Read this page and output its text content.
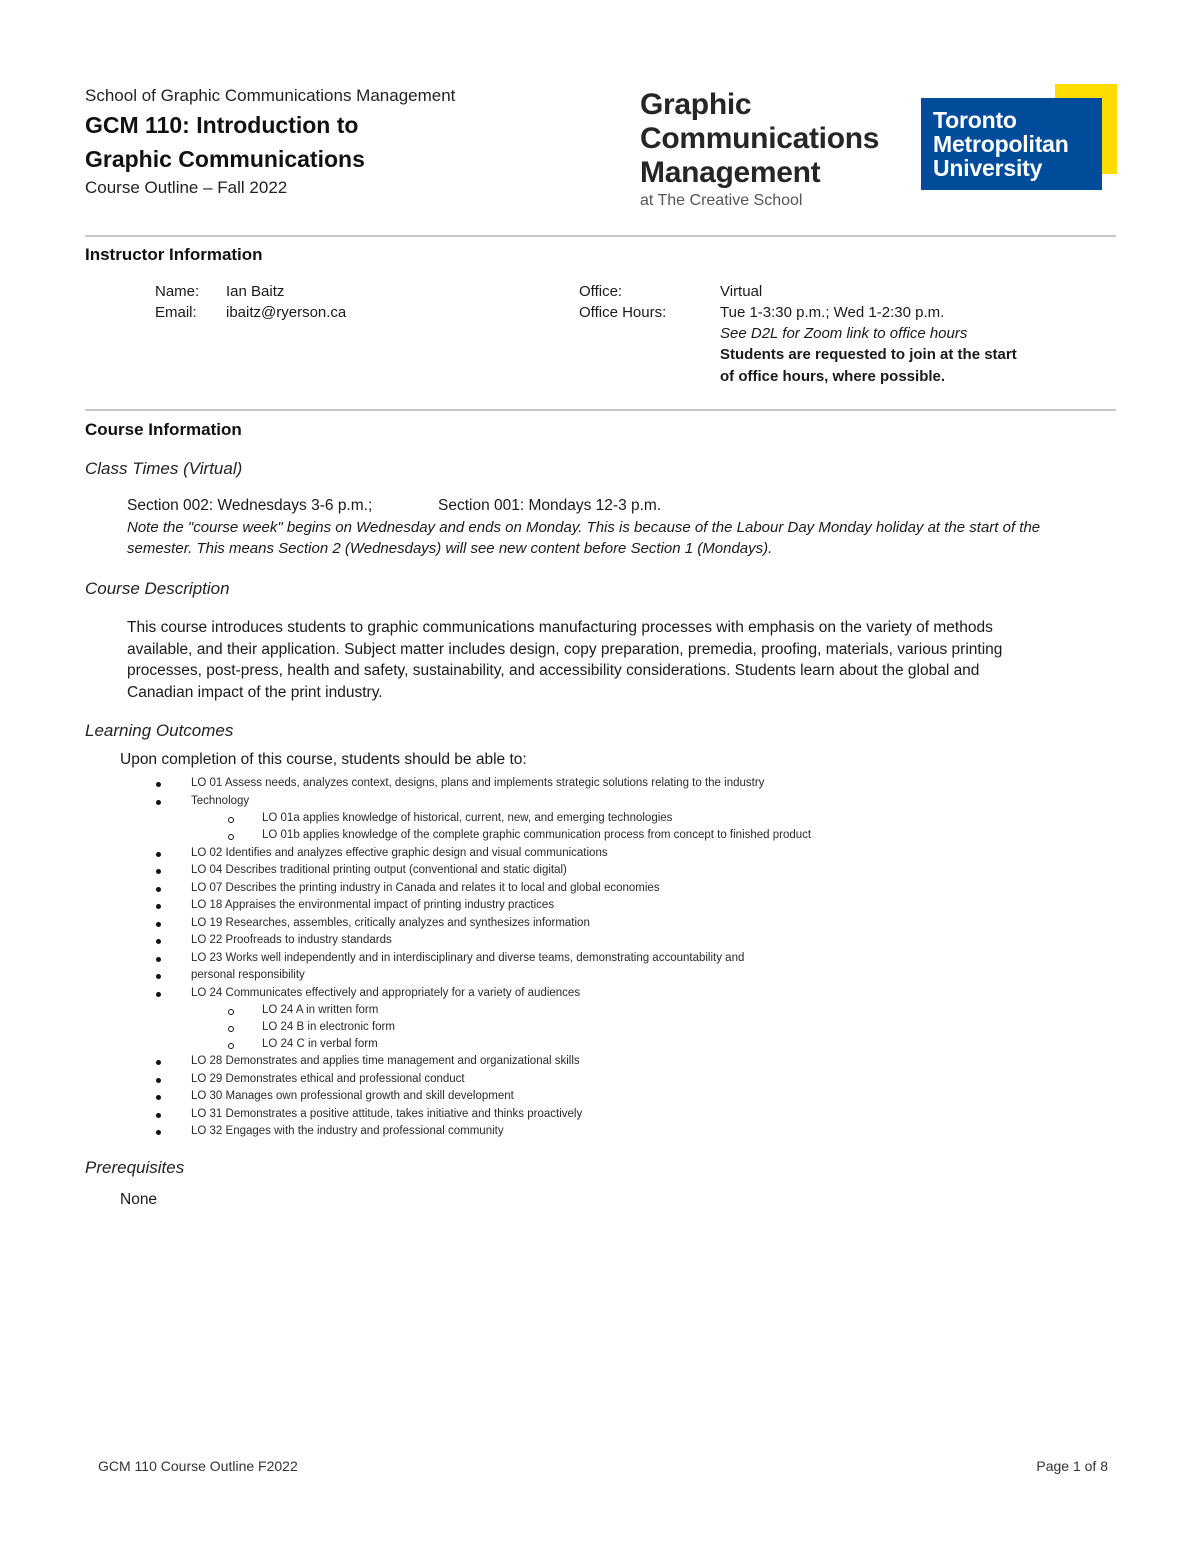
School of Graphic Communications Management
GCM 110: Introduction to
Graphic Communications
Course Outline – Fall 2022
Graphic
Communications
Management
at The Creative School
Toronto
Metropolitan
University
Instructor Information
Name: Ian Baitz
Email: ibaitz@ryerson.ca
Office:	Virtual
Office Hours:	Tue 1-3:30 p.m.; Wed 1-2:30 p.m.
See D2L for Zoom link to office hours
Students are requested to join at the start
of office hours, where possible.
Course Information
Class Times (Virtual)
Section 002: Wednesdays 3-6 p.m.;	Section 001: Mondays 12-3 p.m.
Note the "course week" begins on Wednesday and ends on Monday. This is because of the Labour Day Monday holiday at the start of the
semester. This means Section 2 (Wednesdays) will see new content before Section 1 (Mondays).
Course Description
This course introduces students to graphic communications manufacturing processes with emphasis on the variety of methods
available, and their application. Subject matter includes design, copy preparation, premedia, proofing, materials, various printing
processes, post-press, health and safety, sustainability, and accessibility considerations. Students learn about the global and
Canadian impact of the print industry.
Learning Outcomes
Upon completion of this course, students should be able to:
LO 01 Assess needs, analyzes context, designs, plans and implements strategic solutions relating to the industry
Technology
LO 01a applies knowledge of historical, current, new, and emerging technologies
LO 01b applies knowledge of the complete graphic communication process from concept to finished product
LO 02 Identifies and analyzes effective graphic design and visual communications
LO 04 Describes traditional printing output (conventional and static digital)
LO 07 Describes the printing industry in Canada and relates it to local and global economies
LO 18 Appraises the environmental impact of printing industry practices
LO 19 Researches, assembles, critically analyzes and synthesizes information
LO 22 Proofreads to industry standards
LO 23 Works well independently and in interdisciplinary and diverse teams, demonstrating accountability and
personal responsibility
LO 24 Communicates effectively and appropriately for a variety of audiences
LO 24 A in written form
LO 24 B in electronic form
LO 24 C in verbal form
LO 28 Demonstrates and applies time management and organizational skills
LO 29 Demonstrates ethical and professional conduct
LO 30 Manages own professional growth and skill development
LO 31 Demonstrates a positive attitude, takes initiative and thinks proactively
LO 32 Engages with the industry and professional community
Prerequisites
None
GCM 110 Course Outline F2022	Page 1 of 8
